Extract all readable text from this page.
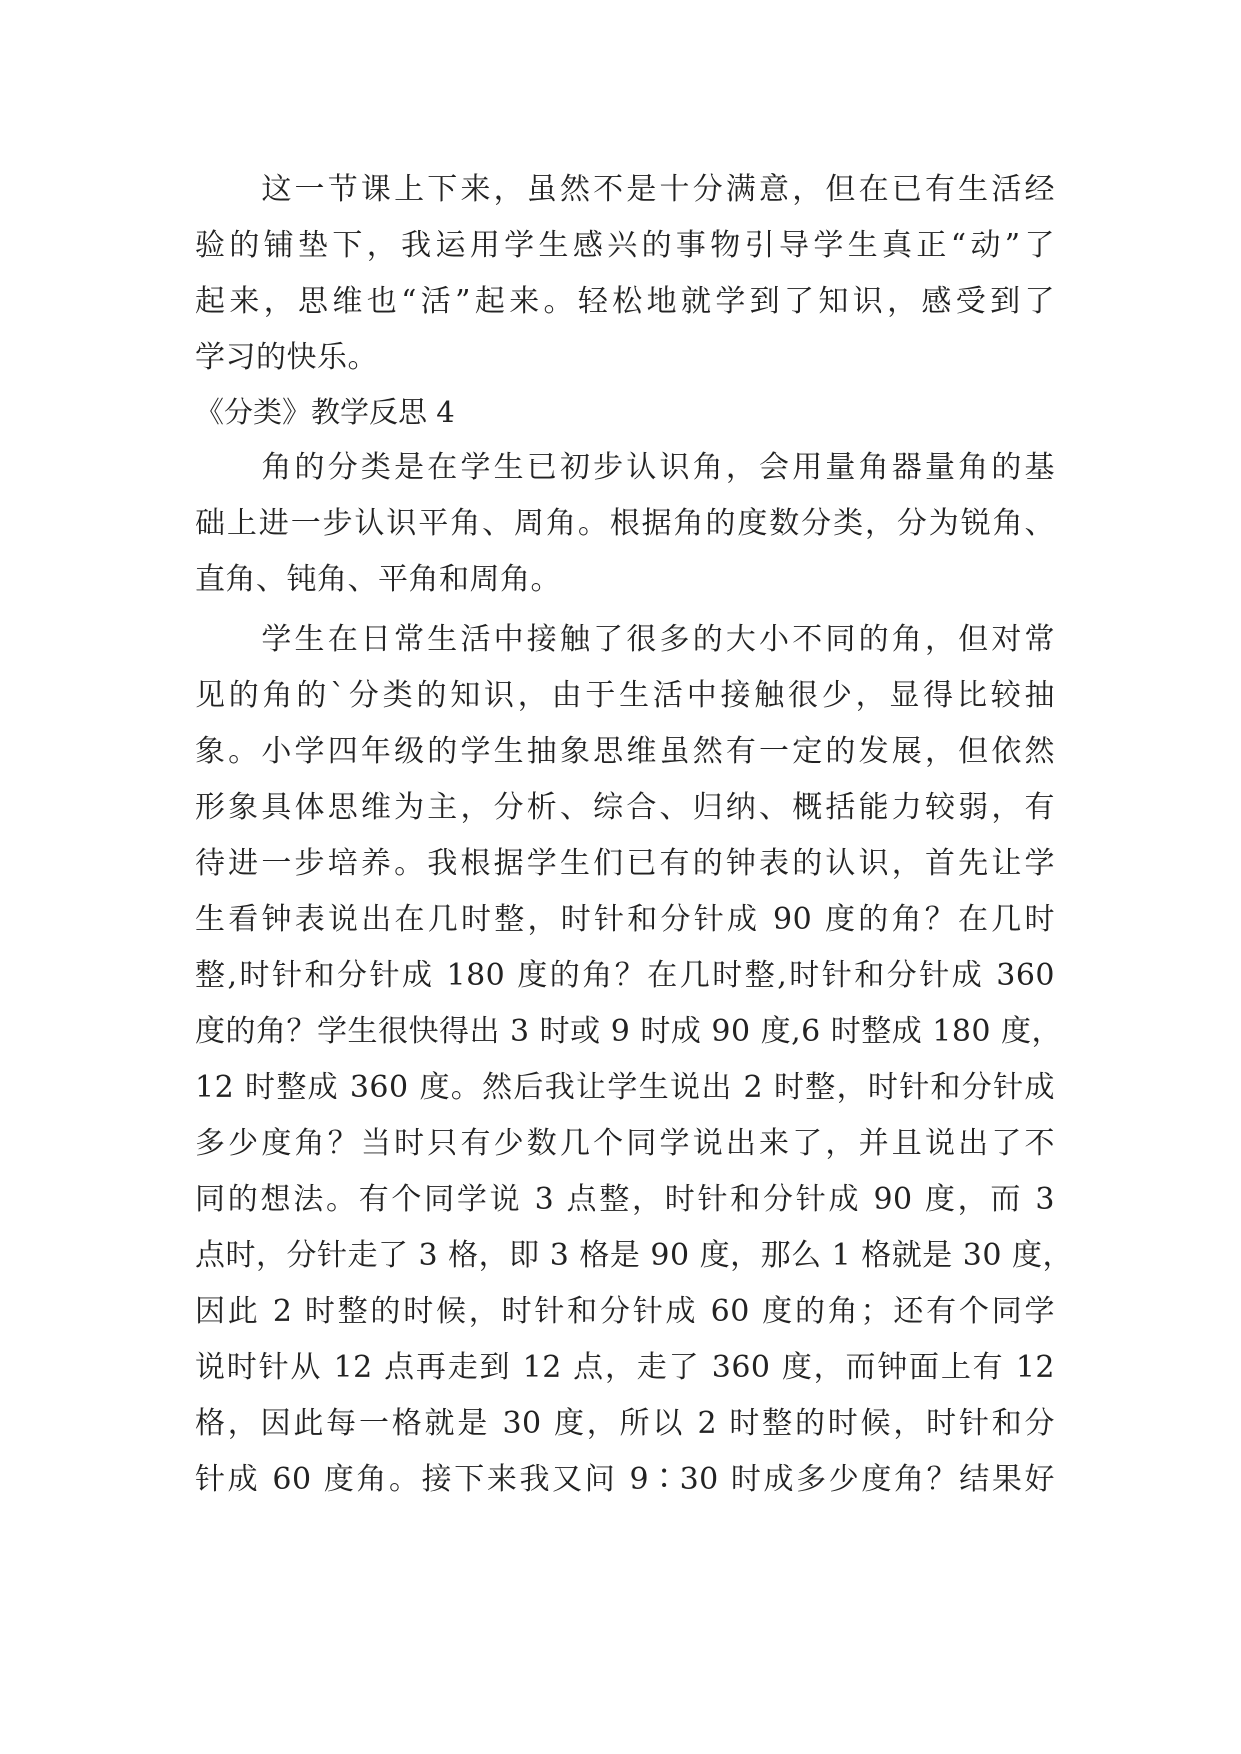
　　这一节课上下来，虽然不是十分满意，但在已有生活经
验的铺垫下，我运用学生感兴的事物引导学生真正“动”了
起来，思维也“活”起来。轻松地就学到了知识，感受到了
学习的快乐。
《分类》教学反思 4
　　角的分类是在学生已初步认识角，会用量角器量角的基
础上进一步认识平角、周角。根据角的度数分类，分为锐角、
直角、钝角、平角和周角。
　　学生在日常生活中接触了很多的大小不同的角，但对常
见的角的`分类的知识，由于生活中接触很少，显得比较抽
象。小学四年级的学生抽象思维虽然有一定的发展，但依然
形象具体思维为主，分析、综合、归纳、概括能力较弱，有
待进一步培养。我根据学生们已有的钟表的认识，首先让学
生看钟表说出在几时整，时针和分针成 90 度的角？在几时
整,时针和分针成 180 度的角？在几时整,时针和分针成 360
度的角？学生很快得出 3 时或 9 时成 90 度,6 时整成 180 度，
12 时整成 360 度。然后我让学生说出 2 时整，时针和分针成
多少度角？当时只有少数几个同学说出来了，并且说出了不
同的想法。有个同学说 3 点整，时针和分针成 90 度，而 3
点时，分针走了 3 格，即 3 格是 90 度，那么 1 格就是 30 度，
因此 2 时整的时候，时针和分针成 60 度的角；还有个同学
说时针从 12 点再走到 12 点，走了 360 度，而钟面上有 12
格，因此每一格就是 30 度，所以 2 时整的时候，时针和分
针成 60 度角。接下来我又问 9∶30 时成多少度角？结果好
